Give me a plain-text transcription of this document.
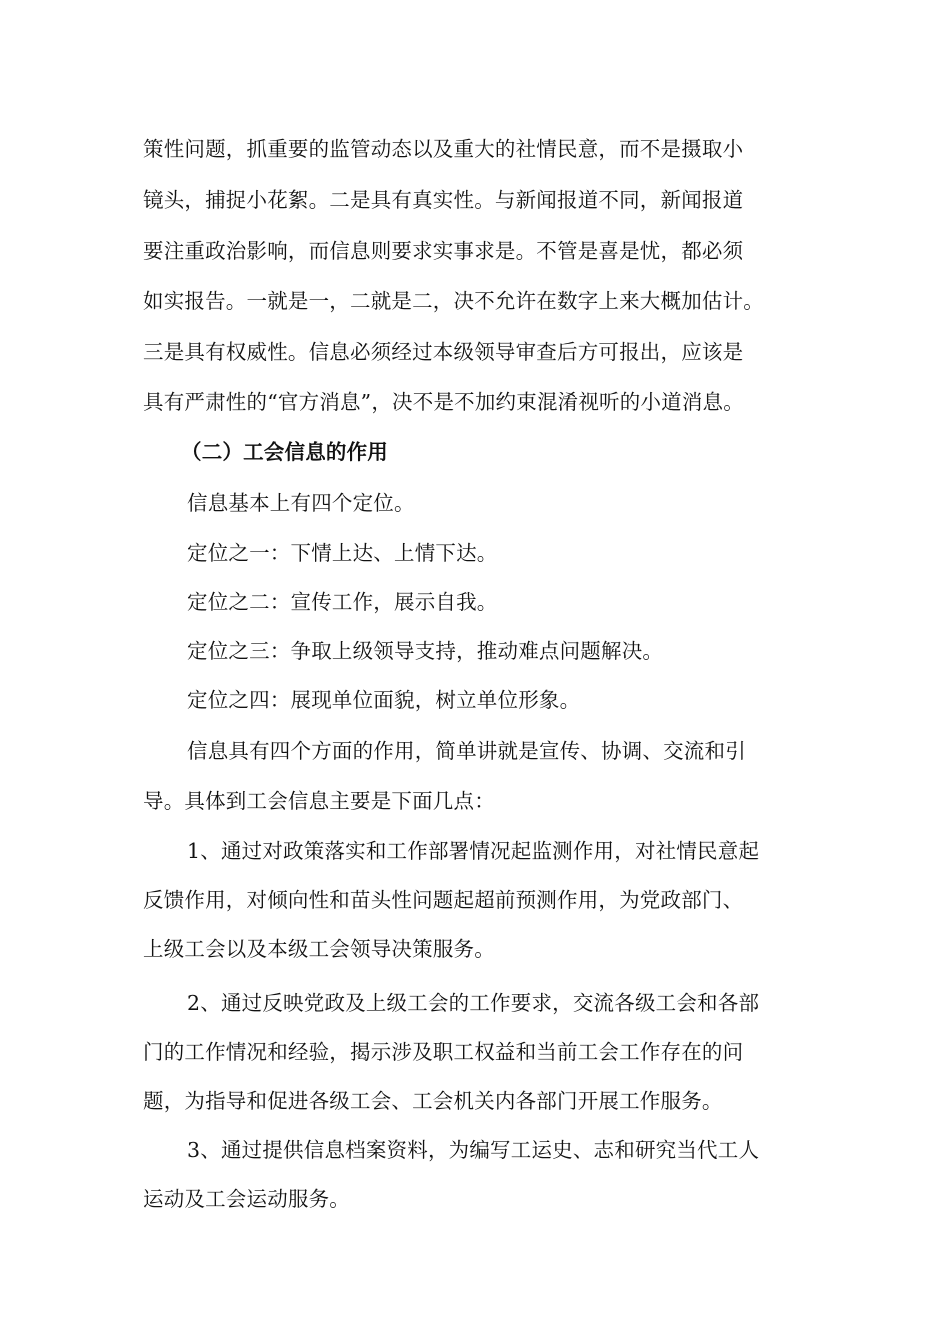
策性问题，抓重要的监管动态以及重大的社情民意，而不是摄取小
镜头，捕捉小花絮。二是具有真实性。与新闻报道不同，新闻报道
要注重政治影响，而信息则要求实事求是。不管是喜是忧，都必须
如实报告。一就是一，二就是二，决不允许在数字上来大概加估计。
三是具有权威性。信息必须经过本级领导审查后方可报出，应该是
具有严肃性的“官方消息”，决不是不加约束混淆视听的小道消息。
（二）工会信息的作用
信息基本上有四个定位。
定位之一：下情上达、上情下达。
定位之二：宣传工作，展示自我。
定位之三：争取上级领导支持，推动难点问题解决。
定位之四：展现单位面貌，树立单位形象。
信息具有四个方面的作用，简单讲就是宣传、协调、交流和引
导。具体到工会信息主要是下面几点：
1、通过对政策落实和工作部署情况起监测作用，对社情民意起
反馈作用，对倾向性和苗头性问题起超前预测作用，为党政部门、
上级工会以及本级工会领导决策服务。
2、通过反映党政及上级工会的工作要求，交流各级工会和各部
门的工作情况和经验，揭示涉及职工权益和当前工会工作存在的问
题，为指导和促进各级工会、工会机关内各部门开展工作服务。
3、通过提供信息档案资料，为编写工运史、志和研究当代工人
运动及工会运动服务。
